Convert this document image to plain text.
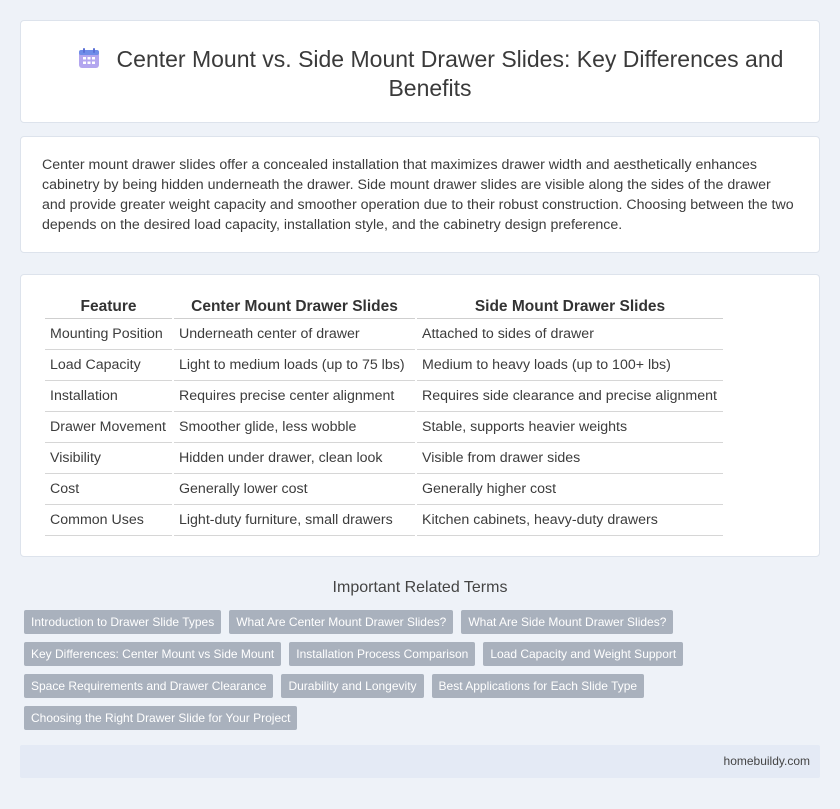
Center Mount vs. Side Mount Drawer Slides: Key Differences and Benefits

Center mount drawer slides offer a concealed installation that maximizes drawer width and aesthetically enhances cabinetry by being hidden underneath the drawer. Side mount drawer slides are visible along the sides of the drawer and provide greater weight capacity and smoother operation due to their robust construction. Choosing between the two depends on the desired load capacity, installation style, and the cabinetry design preference.

Feature	Center Mount Drawer Slides	Side Mount Drawer Slides
Mounting Position	Underneath center of drawer	Attached to sides of drawer
Load Capacity	Light to medium loads (up to 75 lbs)	Medium to heavy loads (up to 100+ lbs)
Installation	Requires precise center alignment	Requires side clearance and precise alignment
Drawer Movement	Smoother glide, less wobble	Stable, supports heavier weights
Visibility	Hidden under drawer, clean look	Visible from drawer sides
Cost	Generally lower cost	Generally higher cost
Common Uses	Light-duty furniture, small drawers	Kitchen cabinets, heavy-duty drawers
Important Related Terms
Introduction to Drawer Slide Types	What Are Center Mount Drawer Slides?	What Are Side Mount Drawer Slides?
Key Differences: Center Mount vs Side Mount	Installation Process Comparison	Load Capacity and Weight Support
Space Requirements and Drawer Clearance	Durability and Longevity	Best Applications for Each Slide Type
Choosing the Right Drawer Slide for Your Project
homebuildy.com
